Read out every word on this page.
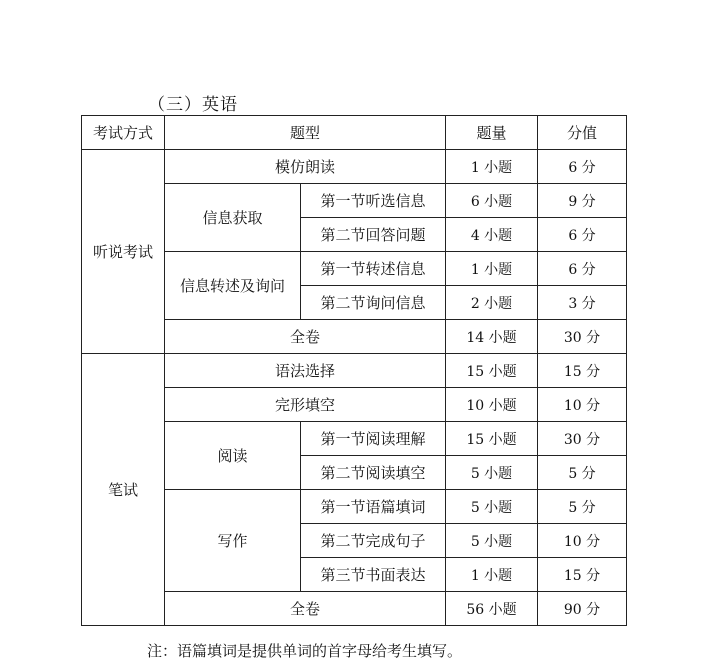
（三）英语
考试方式	题型		题量	分值
听说考试	模仿朗读		1 小题	6 分
	信息获取	第一节听选信息	6 小题	9 分
		第二节回答问题	4 小题	6 分
	信息转述及询问	第一节转述信息	1 小题	6 分
		第二节询问信息	2 小题	3 分
	全卷		14 小题	30 分
笔试	语法选择		15 小题	15 分
	完形填空		10 小题	10 分
	阅读	第一节阅读理解	15 小题	30 分
		第二节阅读填空	5 小题	5 分
	写作	第一节语篇填词	5 小题	5 分
		第二节完成句子	5 小题	10 分
		第三节书面表达	1 小题	15 分
	全卷		56 小题	90 分
注：语篇填词是提供单词的首字母给考生填写。
